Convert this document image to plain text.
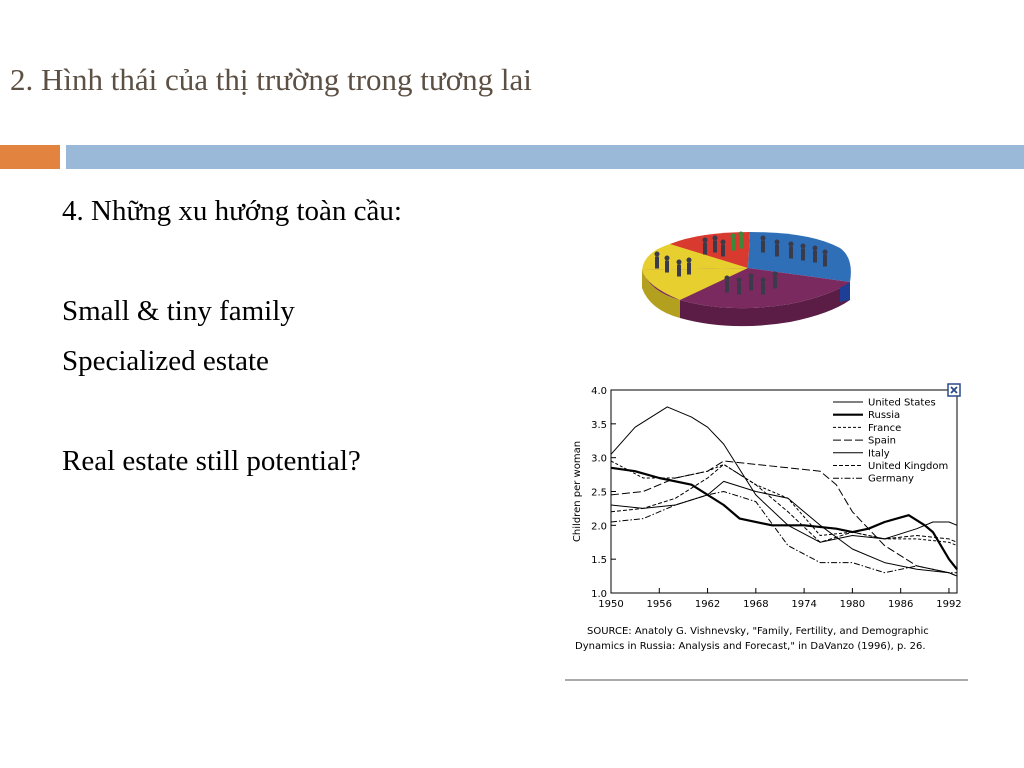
2. Hình thái của thị trường trong tương lai
4. Những xu hướng toàn cầu:
Small & tiny family
Specialized estate
Real estate still potential?
4.0
3.5
3.0
2.5
2.0
1.5
1.0
1950 1956 1962 1968 1974 1980 1986 1992
Children per woman
United States
Russia
France
Spain
Italy
United Kingdom
Germany
SOURCE: Anatoly G. Vishnevsky, "Family, Fertility, and Demographic
Dynamics in Russia: Analysis and Forecast," in DaVanzo (1996), p. 26.
